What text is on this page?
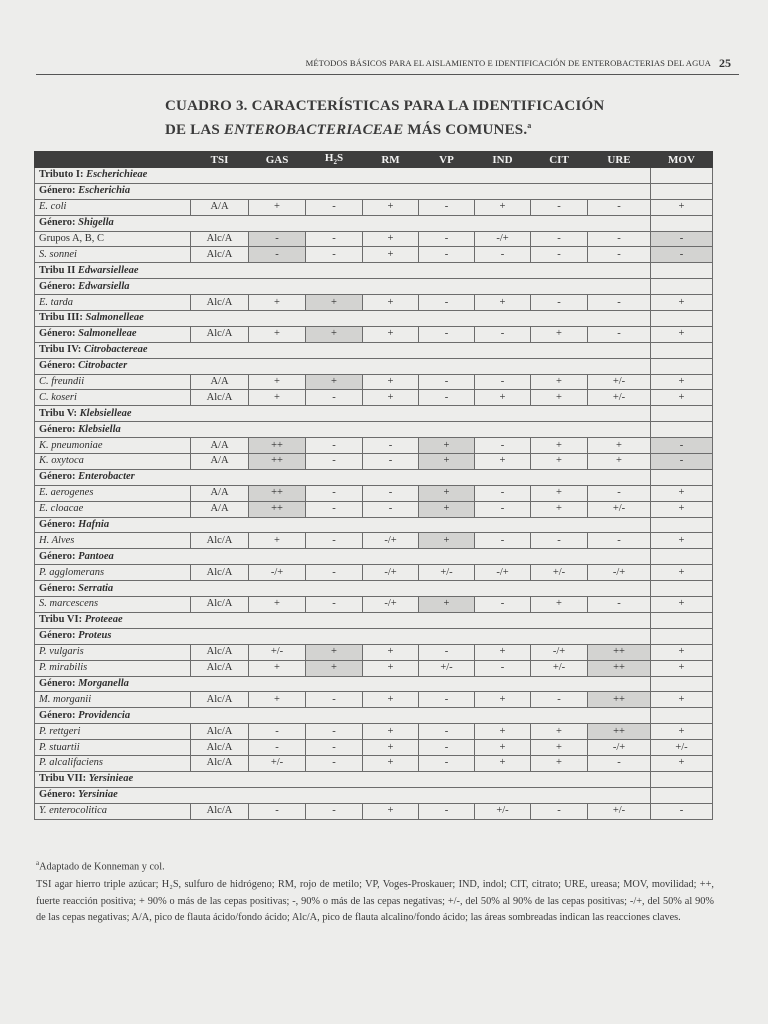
MÉTODOS BÁSICOS PARA EL AISLAMIENTO E IDENTIFICACIÓN DE ENTEROBACTERIAS DEL AGUA 25
CUADRO 3. CARACTERÍSTICAS PARA LA IDENTIFICACIÓN
DE LAS ENTEROBACTERIACEAE MÁS COMUNES.$^a$
	TSI	GAS	$H_2S$	RM	VP	IND	CIT	URE	MOV
Tributo I: Escherichieae									
Género: Escherichia									
E. coli	A/A	+	-	+	-	+	-	-	+
Género: Shigella									
Grupos A, B, C	Alc/A	-	-	+	-	-/+	-	-	-
S. sonnei	Alc/A	-	-	+	-	-	-	-	-
Tribu II Edwarsielleae									
Género: Edwarsiella									
E. tarda	Alc/A	+	+	+	-	+	-	-	+
Tribu III: Salmonelleae									
Género: Salmonelleae	Alc/A	+	+	+	-	-	+	-	+
Tribu IV: Citrobactereae									
Género: Citrobacter									
C. freundii	A/A	+	+	+	-	-	+	+/-	+
C. koseri	Alc/A	+	-	+	-	+	+	+/-	+
Tribu V: Klebsielleae									
Género: Klebsiella									
K. pneumoniae	A/A	++	-	-	+	-	+	+	-
K. oxytoca	A/A	++	-	-	+	+	+	+	-
Género: Enterobacter									
E. aerogenes	A/A	++	-	-	+	-	+	-	+
E. cloacae	A/A	++	-	-	+	-	+	+/-	+
Género: Hafnia									
H. Alves	Alc/A	+	-	-/+	+	-	-	-	+
Género: Pantoea									
P. agglomerans	Alc/A	-/+	-	-/+	+/-	-/+	+/-	-/+	+
Género: Serratia									
S. marcescens	Alc/A	+	-	-/+	+	-	+	-	+
Tribu VI: Proteeae									
Género: Proteus									
P. vulgaris	Alc/A	+/-	+	+	-	+	-/+	++	+
P. mirabilis	Alc/A	+	+	+	+/-	-	+/-	++	+
Género: Morganella									
M. morganii	Alc/A	+	-	+	-	+	-	++	+
Género: Providencia									
P. rettgeri	Alc/A	-	-	+	-	+	+	++	+
P. stuartii	Alc/A	-	-	+	-	+	+	-/+	+/-
P. alcalifaciens	Alc/A	+/-	-	+	-	+	+	-	+
Tribu VII: Yersinieae									
Género: Yersiniae									
Y. enterocolitica	Alc/A	-	-	+	-	+/-	-	+/-	-

$^a$Adaptado de Konneman y col.

TSI agar hierro triple azúcar; H₂S, sulfuro de hidrógeno; RM, rojo de metilo; VP, Voges-Proskauer; IND, indol; CIT, citrato; URE, ureasa; MOV, movilidad; ++, fuerte reacción positiva; + 90% o más de las cepas positivas; -, 90% o más de las cepas negativas; +/-, del 50% al 90% de las cepas positivas; -/+, del 50% al 90% de las cepas negativas; A/A, pico de flauta ácido/fondo ácido; Alc/A, pico de flauta alcalino/fondo ácido; las áreas sombreadas indican las reacciones claves.
